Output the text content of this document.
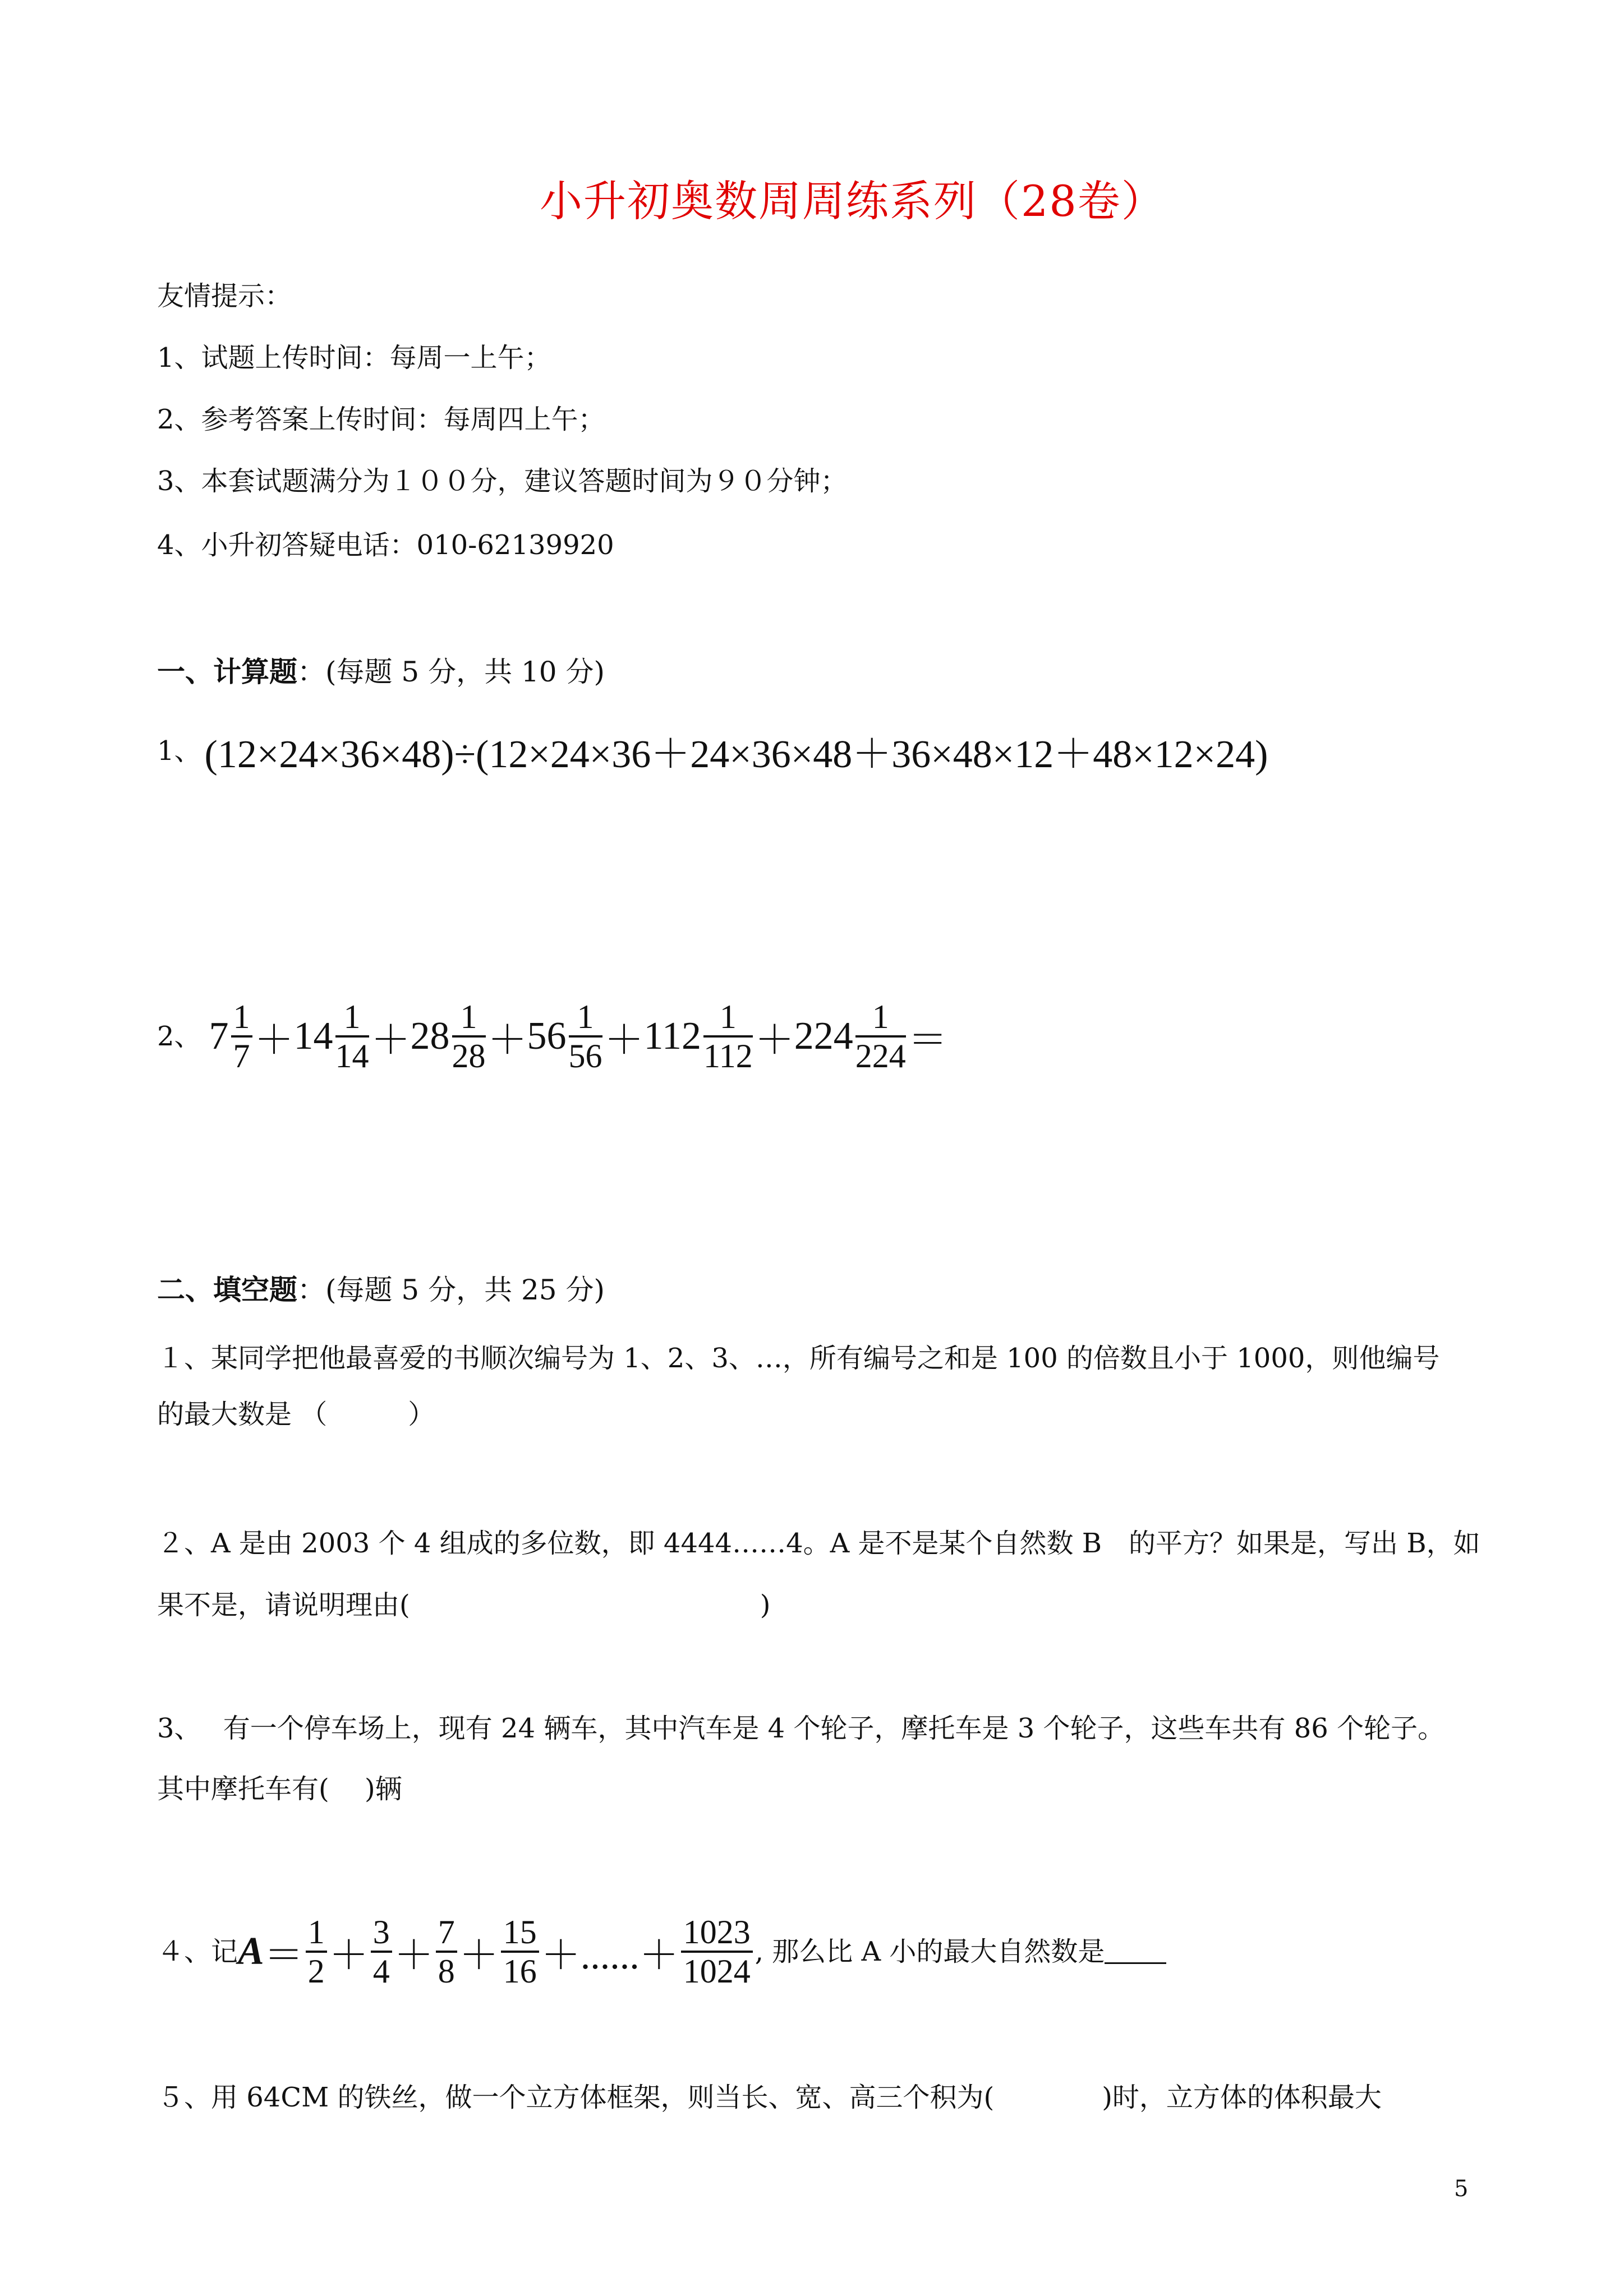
小升初奥数周周练系列（28卷）
友情提示：
1、试题上传时间：每周一上午；
2、参考答案上传时间：每周四上午；
3、本套试题满分为１００分，建议答题时间为９０分钟；
4、小升初答疑电话：010-62139920
一、计算题：(每题 5 分，共 10 分)
1、 (12×24×36×48)÷(12×24×36＋24×36×48＋36×48×12＋48×12×24)
2、 $7 \frac{1}{7} + 14 \frac{1}{14} + 28 \frac{1}{28} + 56 \frac{1}{56} + 112 \frac{1}{112} + 224 \frac{1}{224}$ ＝
二、填空题：(每题 5 分，共 25 分)
１、某同学把他最喜爱的书顺次编号为 1、2、3、…，所有编号之和是 100 的倍数且小于 1000，则他编号
的最大数是 （　　　）
２、A 是由 2003 个 4 组成的多位数，即 4444……4。A 是不是某个自然数 B　的平方？如果是，写出 B，如
果不是，请说明理由(　　　　　　　　　　　　　)
3、　 有一个停车场上，现有 24 辆车，其中汽车是 4 个轮子，摩托车是 3 个轮子，这些车共有 86 个轮子。
其中摩托车有(　 )辆
４、记 $A = \frac{1}{2} + \frac{3}{4} + \frac{7}{8} + \frac{15}{16}$ ＋......＋ $\frac{1023}{1024}$ , 那么比 A 小的最大自然数是
５、用 64CM 的铁丝，做一个立方体框架，则当长、宽、高三个积为(　　　　)时，立方体的体积最大
5
